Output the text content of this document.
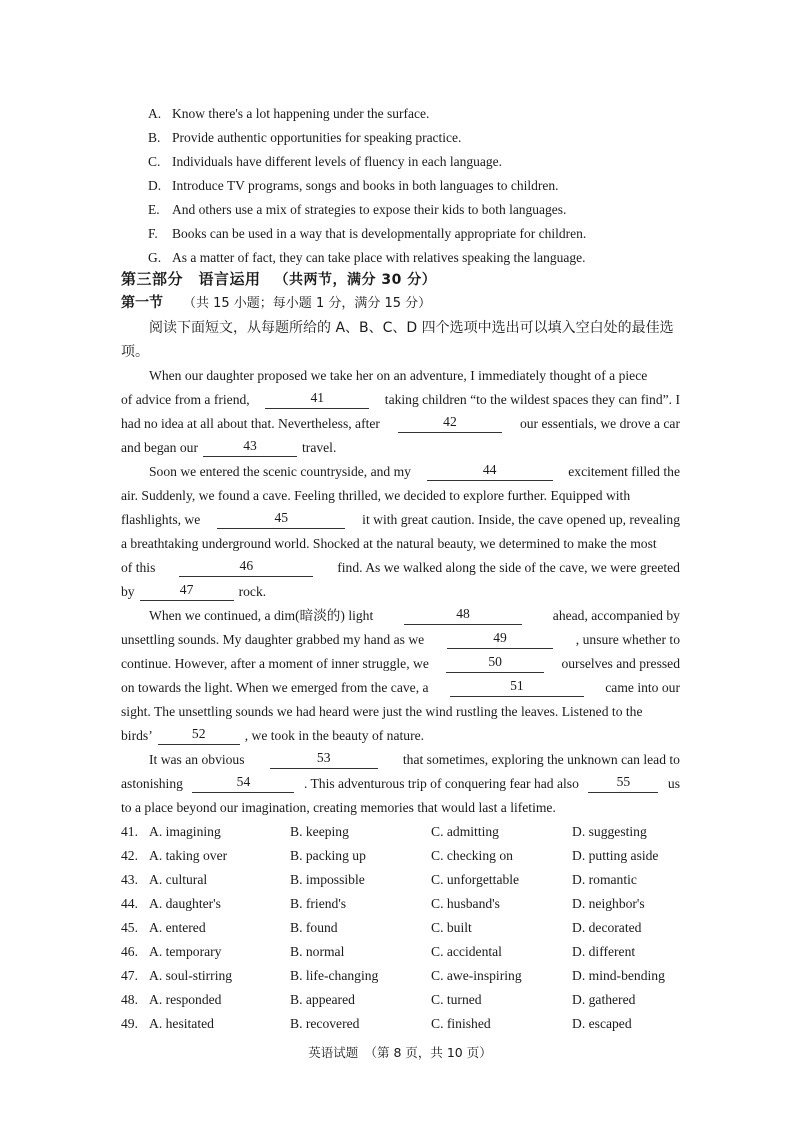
A. Know there's a lot happening under the surface.
B. Provide authentic opportunities for speaking practice.
C. Individuals have different levels of fluency in each language.
D. Introduce TV programs, songs and books in both languages to children.
E. And others use a mix of strategies to expose their kids to both languages.
F. Books can be used in a way that is developmentally appropriate for children.
G. As a matter of fact, they can take place with relatives speaking the language.
第三部分　语言运用 （共两节，满分 30 分）
第一节 （共 15 小题；每小题 1 分，满分 15 分）
阅读下面短文，从每题所给的 A、B、C、D 四个选项中选出可以填入空白处的最佳选项。
When our daughter proposed we take her on an adventure, I immediately thought of a piece
of advice from a friend,	41	taking children “to the wildest spaces they can find”. I
had no idea at all about that. Nevertheless, after	42	our essentials, we drove a car
and began our	43	travel.
Soon we entered the scenic countryside, and my	44	excitement filled the
air. Suddenly, we found a cave. Feeling thrilled, we decided to explore further. Equipped with
flashlights, we	45	it with great caution. Inside, the cave opened up, revealing
a breathtaking underground world. Shocked at the natural beauty, we determined to make the most
of this	46	find. As we walked along the side of the cave, we were greeted
by	47	rock.
When we continued, a dim(暗淡的) light	48	ahead, accompanied by
unsettling sounds. My daughter grabbed my hand as we	49	, unsure whether to
continue. However, after a moment of inner struggle, we	50	ourselves and pressed
on towards the light. When we emerged from the cave, a	51	came into our
sight. The unsettling sounds we had heard were just the wind rustling the leaves. Listened to the
birds’	52	, we took in the beauty of nature.
It was an obvious	53	that sometimes, exploring the unknown can lead to
astonishing	54	. This adventurous trip of conquering fear had also	55	us
to a place beyond our imagination, creating memories that would last a lifetime.
41. A. imagining	B. keeping	C. admitting	D. suggesting
42. A. taking over	B. packing up	C. checking on	D. putting aside
43. A. cultural	B. impossible	C. unforgettable	D. romantic
44. A. daughter's	B. friend's	C. husband's	D. neighbor's
45. A. entered	B. found	C. built	D. decorated
46. A. temporary	B. normal	C. accidental	D. different
47. A. soul-stirring	B. life-changing	C. awe-inspiring	D. mind-bending
48. A. responded	B. appeared	C. turned	D. gathered
49. A. hesitated	B. recovered	C. finished	D. escaped
英语试题　（第 8 页，共 10 页）
